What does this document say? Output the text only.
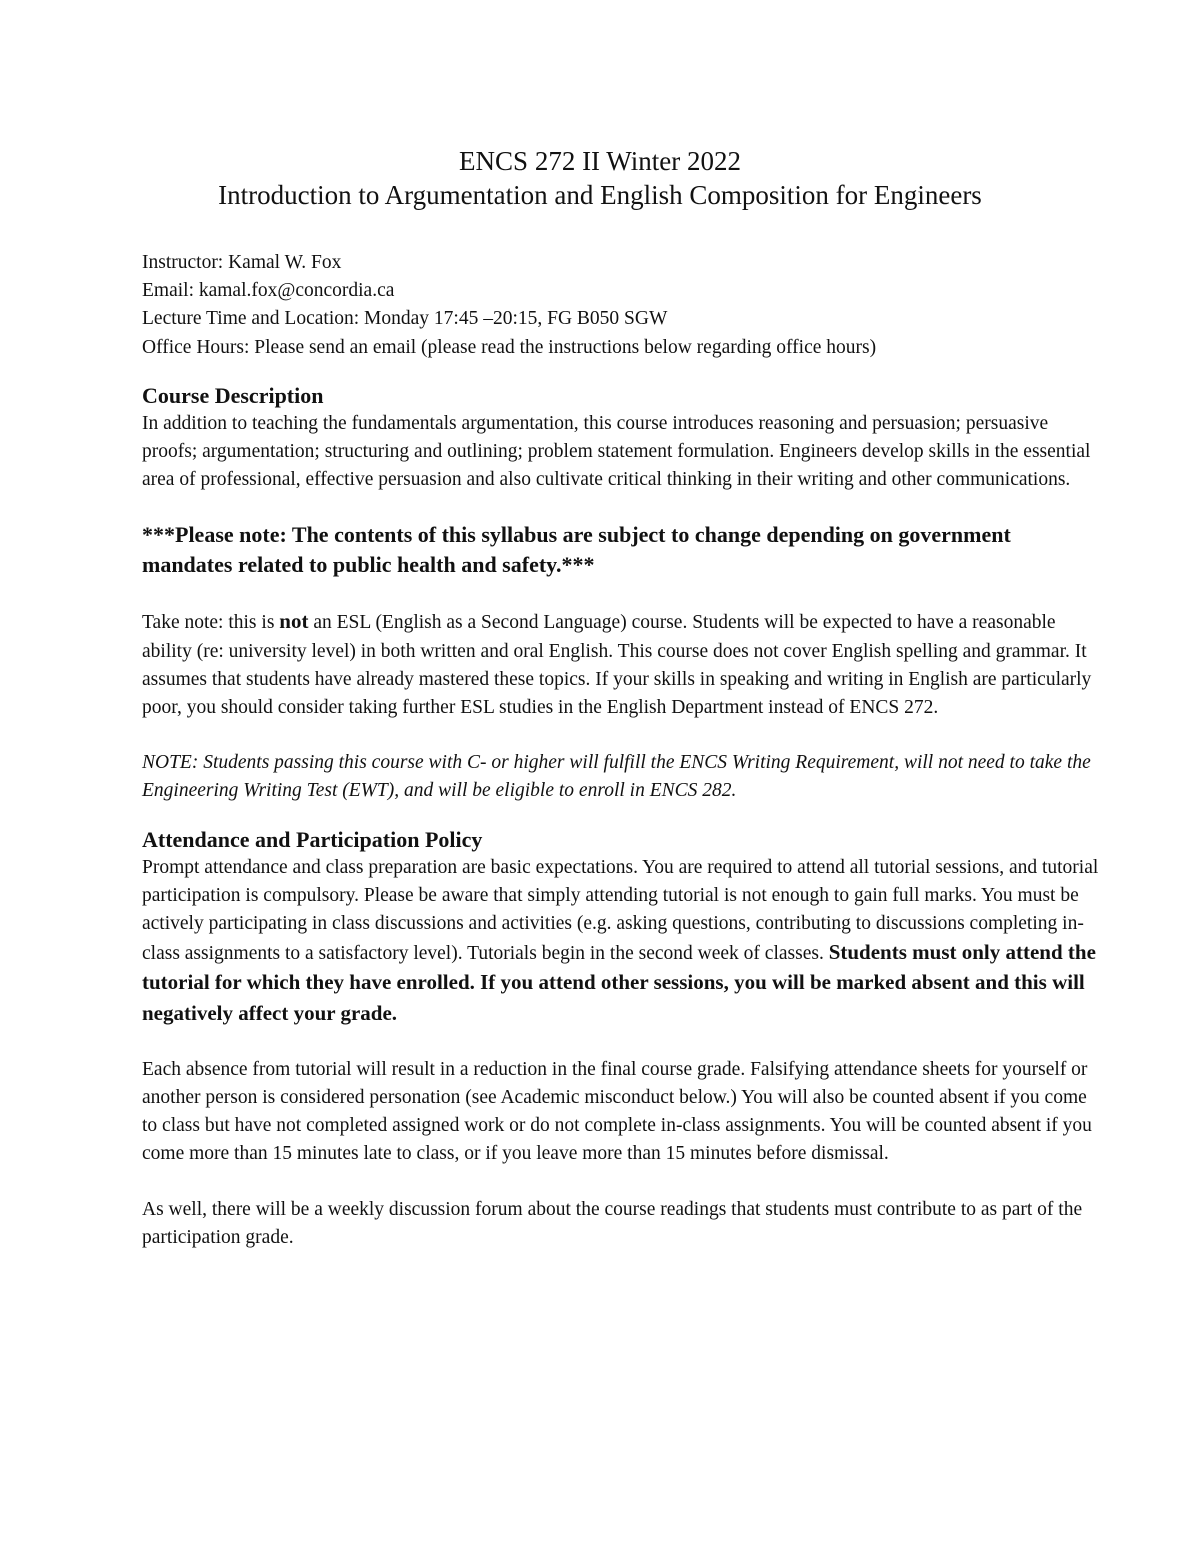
ENCS 272 II Winter 2022
Introduction to Argumentation and English Composition for Engineers
Instructor: Kamal W. Fox
Email: kamal.fox@concordia.ca
Lecture Time and Location: Monday 17:45 –20:15, FG B050 SGW
Office Hours: Please send an email (please read the instructions below regarding office hours)
Course Description

In addition to teaching the fundamentals argumentation, this course introduces reasoning and persuasion; persuasive proofs; argumentation; structuring and outlining; problem statement formulation. Engineers develop skills in the essential area of professional, effective persuasion and also cultivate critical thinking in their writing and other communications.

***Please note: The contents of this syllabus are subject to change depending on government mandates related to public health and safety.***

Take note: this is not an ESL (English as a Second Language) course. Students will be expected to have a reasonable ability (re: university level) in both written and oral English. This course does not cover English spelling and grammar. It assumes that students have already mastered these topics. If your skills in speaking and writing in English are particularly poor, you should consider taking further ESL studies in the English Department instead of ENCS 272.

NOTE: Students passing this course with C- or higher will fulfill the ENCS Writing Requirement, will not need to take the Engineering Writing Test (EWT), and will be eligible to enroll in ENCS 282.

Attendance and Participation Policy

Prompt attendance and class preparation are basic expectations. You are required to attend all tutorial sessions, and tutorial participation is compulsory. Please be aware that simply attending tutorial is not enough to gain full marks. You must be actively participating in class discussions and activities (e.g. asking questions, contributing to discussions completing in-class assignments to a satisfactory level). Tutorials begin in the second week of classes. Students must only attend the tutorial for which they have enrolled. If you attend other sessions, you will be marked absent and this will negatively affect your grade.

Each absence from tutorial will result in a reduction in the final course grade. Falsifying attendance sheets for yourself or another person is considered personation (see Academic misconduct below.) You will also be counted absent if you come to class but have not completed assigned work or do not complete in-class assignments. You will be counted absent if you come more than 15 minutes late to class, or if you leave more than 15 minutes before dismissal.

As well, there will be a weekly discussion forum about the course readings that students must contribute to as part of the participation grade.
